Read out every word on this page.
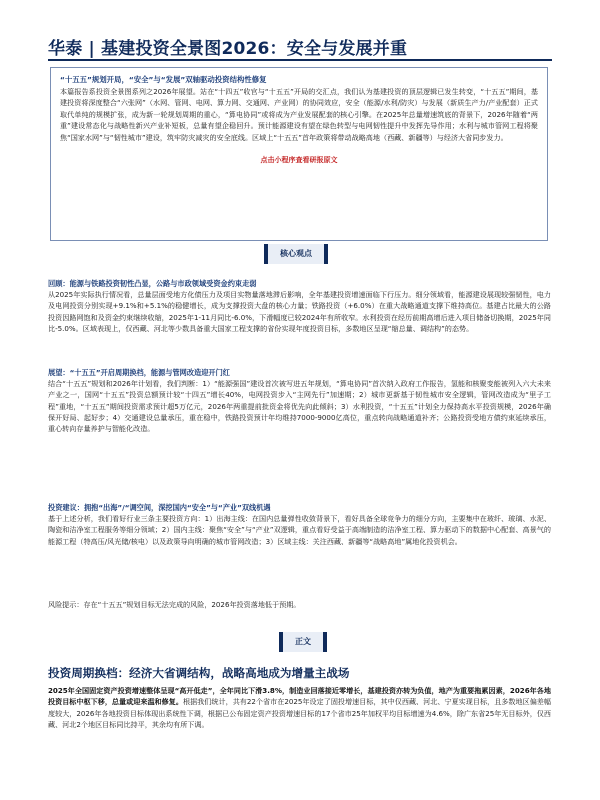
华泰 | 基建投资全景图2026：安全与发展并重
“十五五”规划开局，“安全”与“发展”双轴驱动投资结构性修复
本篇报告系投资全景图系列之2026年展望。站在“十四五”收官与“十五五”开局的交汇点，我们认为基建投资的顶层逻辑已发生转变，“十五五”期间，基建投资将深度整合“六张网”（水网、管网、电网、算力网、交通网、产业网）的协同效应，安全（能源/水利/防灾）与发展（新质生产力/产业配套）正式取代单纯的规模扩张，成为新一轮规划周期的重心，“算电协同”或将成为产业发展配套的核心引擎。在2025年总量增速筑底的背景下，2026年随着“两重”建设常态化与战略性新兴产业补短板，总量有望企稳回升。预计能源建设有望在绿色转型与电网韧性提升中发挥先导作用；水利与城市管网工程将聚焦“国家水网”与“韧性城市”建设，筑牢防灾减灾的安全底线。区域上“十五五”首年政策将带动战略高地（西藏、新疆等）与经济大省同步发力。
点击小程序查看研报原文
核心观点
回顾：能源与铁路投资韧性凸显，公路与市政领域受资金约束走弱
从2025年实际执行情况看，总量层面受地方化债压力及项目实物量落地滞后影响，全年基建投资增速面临下行压力。细分领域看，能源建设展现较强韧性，电力及电网投资分别实现+9.1%和+5.1%的稳健增长，成为支撑投资大盘的核心力量；铁路投资（+6.0%）在重大战略通道支撑下维持高位。基建占比最大的公路投资因路网饱和及资金约束继续收缩，2025年1-11月同比-6.0%，下滑幅度已较2024年有所收窄。水利投资在经历前期高增后进入项目储备切换期，2025年同比-5.0%。区域表现上，仅西藏、河北等少数具备重大国家工程支撑的省份实现年度投资目标，多数地区呈现“缩总量、调结构”的态势。
展望：“十五五”开启周期换档，能源与管网改造迎开门红
结合“十五五”规划和2026年计划看，我们判断：1）“能源强国”建设首次被写进五年规划，“算电协同”首次纳入政府工作报告，氢能和核聚变能被列入六大未来产业之一，国网“十五五”投资总额预计较“十四五”增长40%，电网投资步入“主网先行”加速期；2）城市更新基于韧性城市安全逻辑，管网改造成为“里子工程”重地，“十五五”期间投资需求预计超5万亿元，2026年两重提前批资金将优先向此倾斜；3）水利投资，“十五五”计划全力保持高水平投资规模，2026年确保开好局、起好步；4）交通建设总量承压，重在稳中，铁路投资预计年均维持7000-9000亿高位，重点转向战略通道补齐；公路投资受地方债约束延续承压，重心转向存量养护与智能化改造。
投资建议：拥抱“出海”/“调空间，深挖国内“安全”与“产业”双线机遇
基于上述分析，我们看好行业三条主要投资方向：1）出海主线：在国内总量弹性收敛背景下，看好具备全球竞争力的细分方向，主要集中在玻纤、玻璃、水泥、陶瓷和洁净室工程服务等细分领域；2）国内主线：聚焦“安全”与“产业”双逻辑，重点看好受益于高端制造的洁净室工程、算力驱动下的数据中心配套、高景气的能源工程（特高压/风光储/核电）以及政策导向明确的城市管网改造；3）区域主线：关注西藏、新疆等“战略高地”属地化投资机会。
风险提示：存在“十五五”规划目标无法完成的风险，2026年投资落地低于预期。
正文
投资周期换档：经济大省调结构，战略高地成为增量主战场
2025年全国固定资产投资增速整体呈现“高开低走”，全年同比下滑3.8%，制造业回落接近零增长，基建投资亦转为负值，地产为重要拖累因素，2026年各地投资目标中枢下移，总量或迎来温和修复。根据我们统计，共有22个省市在2025年设定了固投增速目标，其中仅西藏、河北、宁夏实现目标，且多数地区偏差幅度较大，2026年各地投资目标体现出系统性下调，根据已公布固定资产投资增速目标的17个省市25年加权平均目标增速为4.6%，除广东省25年无目标外，仅西藏、河北2个地区目标同比持平，其余均有所下调。
